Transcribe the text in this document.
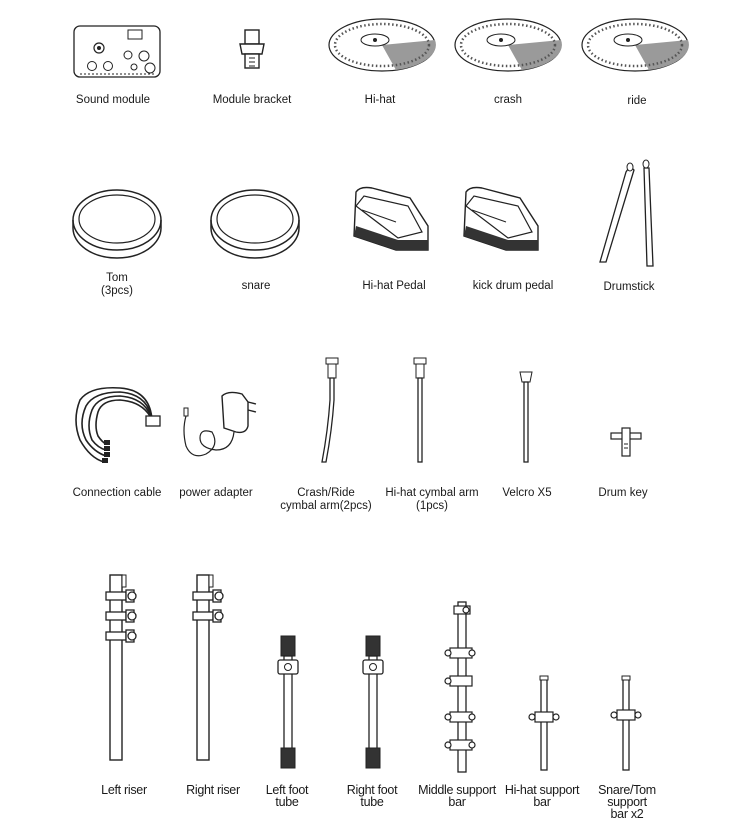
Sound module	Module bracket	Hi-hat	crash	ride
Tom
(3pcs)	snare	Hi-hat Pedal	kick drum pedal	Drumstick
Connection cable power adapter	Crash/Ride
cymbal arm(2pcs)
Hi-hat cymbal arm
(1pcs)
Velcro X5	Drum key
Left riser	Right riser Left foot
tube
Right foot
tube
Middle support
bar
Hi-hat support
bar
Snare/Tom
support
bar x2
